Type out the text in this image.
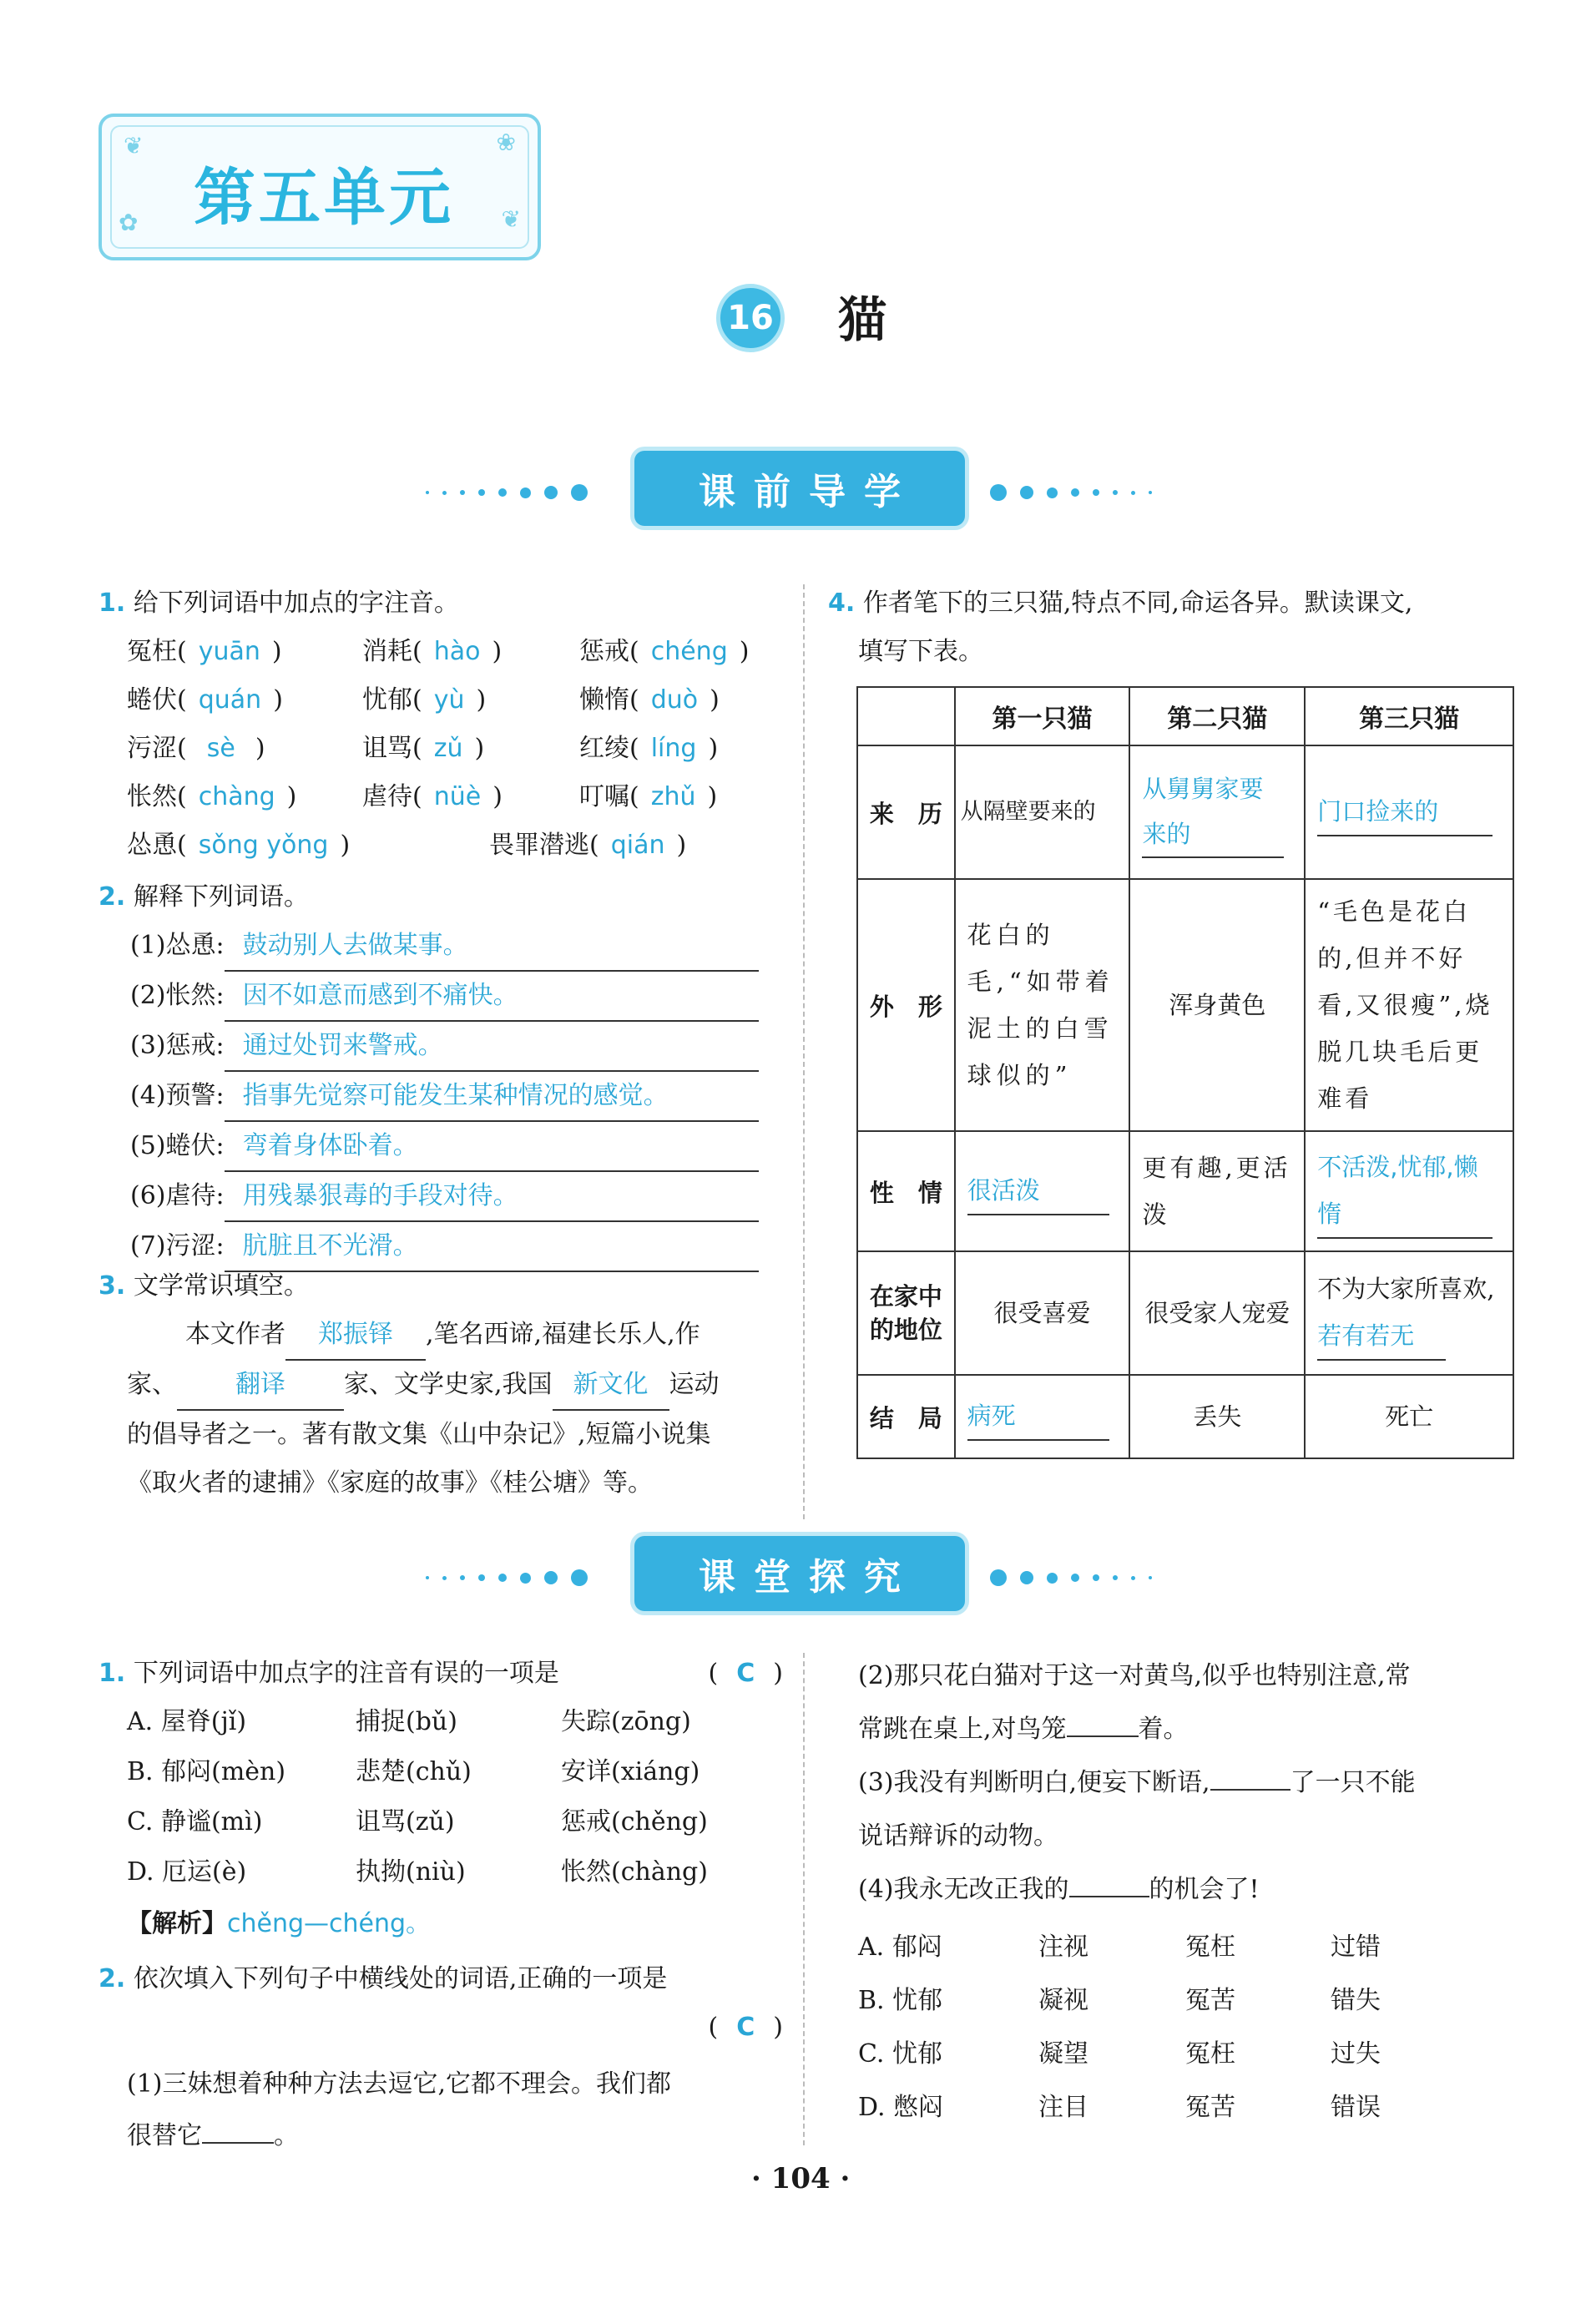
❦
✿
❀
❦
第五单元
16 猫
课前导学
1. 给下列词语中加点的字注音。
冤枉( yuān )	消耗( hào )	惩戒( chéng )
蜷伏( quán )	忧郁( yù )	懒惰( duò )
污涩( sè )	诅骂( zǔ )	红绫( líng )
怅然( chàng )	虐待( nüè )	叮嘱( zhǔ )
怂恿( sǒng yǒng )	畏罪潜逃( qián )
2. 解释下列词语。
(1)怂恿: 鼓动别人去做某事。
(2)怅然: 因不如意而感到不痛快。
(3)惩戒: 通过处罚来警戒。
(4)预警: 指事先觉察可能发生某种情况的感觉。
(5)蜷伏: 弯着身体卧着。
(6)虐待: 用残暴狠毒的手段对待。
(7)污涩: 肮脏且不光滑。
3. 文学常识填空。
本文作者 郑振铎 ,笔名西谛,福建长乐人,作
家、 翻译 家、文学史家,我国 新文化 运动
的倡导者之一。著有散文集《山中杂记》,短篇小说集
《取火者的逮捕》《家庭的故事》《桂公塘》等。
4. 作者笔下的三只猫,特点不同,命运各异。默读课文,
填写下表。
	第一只猫	第二只猫	第三只猫
来　历	从隔壁要来的	从舅舅家要来的	门口捡来的
外　形	花白的毛,“如带着泥土的白雪球似的”	浑身黄色	“毛色是花白的,但并不好看,又很瘦”,烧脱几块毛后更难看
性　情	很活泼	更有趣,更活泼	不活泼,忧郁,懒惰
在家中的地位	很受喜爱	很受家人宠爱	不为大家所喜欢,若有若无
结　局	病死	丢失	死亡
课堂探究
1. 下列词语中加点字的注音有误的一项是	( C )
A. 屋脊(jǐ)	捕捉(bǔ)	失踪(zōng)
B. 郁闷(mèn)	悲楚(chǔ)	安详(xiáng)
C. 静谧(mì)	诅骂(zǔ)	惩戒(chěng)
D. 厄运(è)	执拗(niù)	怅然(chàng)
【解析】chěng—chéng。
2. 依次填入下列句子中横线处的词语,正确的一项是
( C )
(1)三妹想着种种方法去逗它,它都不理会。我们都
很替它	。
(2)那只花白猫对于这一对黄鸟,似乎也特别注意,常
常跳在桌上,对鸟笼	着。
(3)我没有判断明白,便妄下断语,	了一只不能
说话辩诉的动物。
(4)我永无改正我的	的机会了!
A. 郁闷	注视	冤枉	过错
B. 忧郁	凝视	冤苦	错失
C. 忧郁	凝望	冤枉	过失
D. 憋闷	注目	冤苦	错误
· 104 ·
